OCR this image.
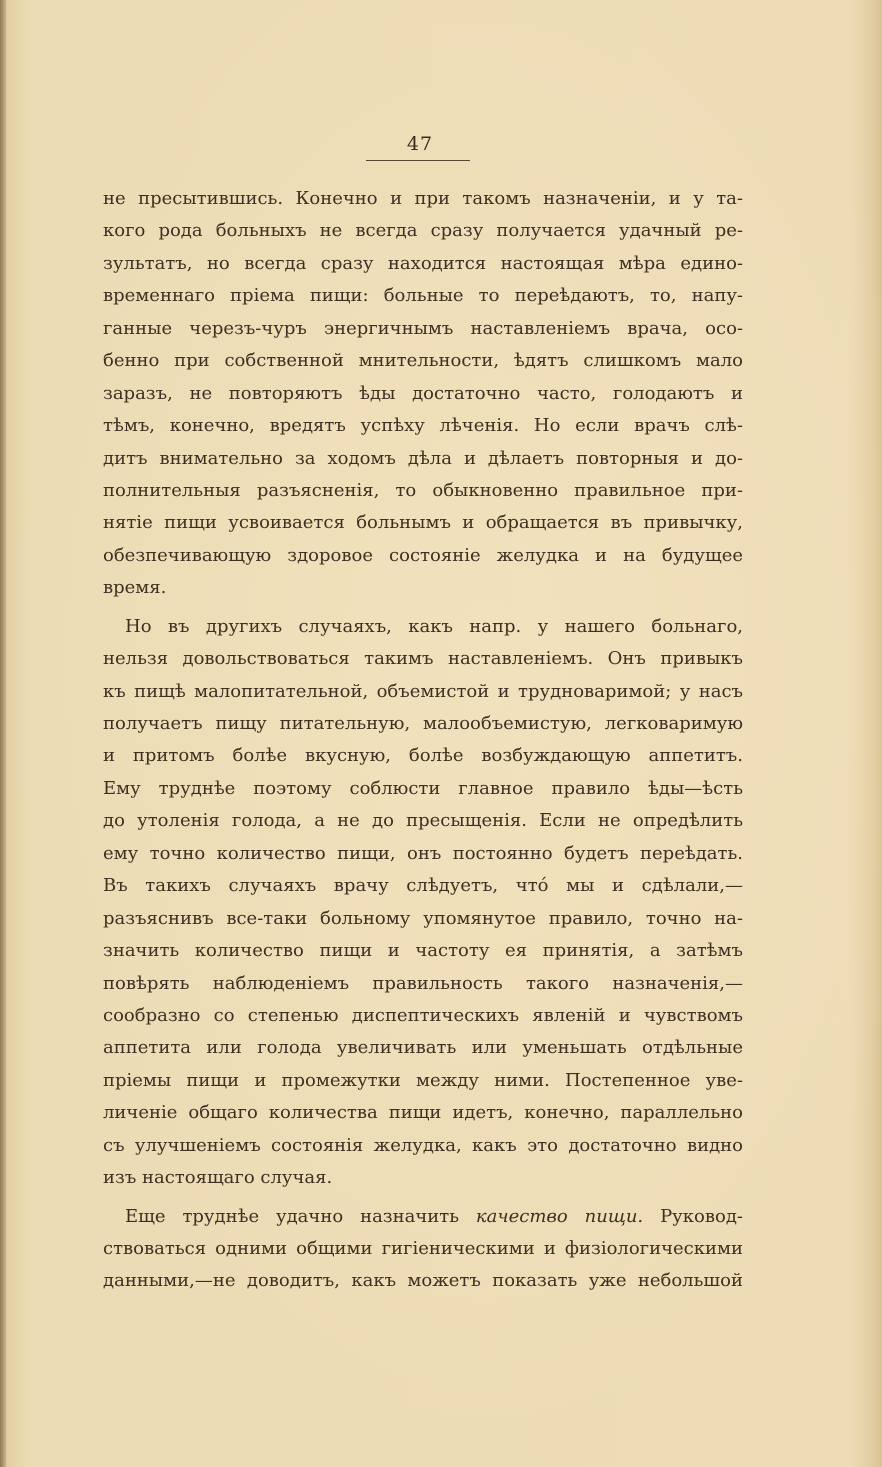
47
не пресытившись. Конечно и при такомъ назначеніи, и у та-
кого рода больныхъ не всегда сразу получается удачный ре-
зультатъ, но всегда сразу находится настоящая мѣра едино-
временнаго пріема пищи: больные то переѣдаютъ, то, напу-
ганные черезъ-чуръ энергичнымъ наставленіемъ врача, осо-
бенно при собственной мнительности, ѣдятъ слишкомъ мало
заразъ, не повторяютъ ѣды достаточно часто, голодаютъ и
тѣмъ, конечно, вредятъ успѣху лѣченія. Но если врачъ слѣ-
дитъ внимательно за ходомъ дѣла и дѣлаетъ повторныя и до-
полнительныя разъясненія, то обыкновенно правильное при-
нятіе пищи усвоивается больнымъ и обращается въ привычку,
обезпечивающую здоровое состояніе желудка и на будущее
время.
Но въ другихъ случаяхъ, какъ напр. у нашего больнаго,
нельзя довольствоваться такимъ наставленіемъ. Онъ привыкъ
къ пищѣ малопитательной, объемистой и трудноваримой; у насъ
получаетъ пищу питательную, малообъемистую, легковаримую
и притомъ болѣе вкусную, болѣе возбуждающую аппетитъ.
Ему труднѣе поэтому соблюсти главное правило ѣды—ѣсть
до утоленія голода, а не до пресыщенія. Если не опредѣлить
ему точно количество пищи, онъ постоянно будетъ переѣдать.
Въ такихъ случаяхъ врачу слѣдуетъ, что́ мы и сдѣлали,—
разъяснивъ все-таки больному упомянутое правило, точно на-
значить количество пищи и частоту ея принятія, а затѣмъ
повѣрять наблюденіемъ правильность такого назначенія,—
сообразно со степенью диспептическихъ явленій и чувствомъ
аппетита или голода увеличивать или уменьшать отдѣльные
пріемы пищи и промежутки между ними. Постепенное уве-
личеніе общаго количества пищи идетъ, конечно, параллельно
съ улучшеніемъ состоянія желудка, какъ это достаточно видно
изъ настоящаго случая.
Еще труднѣе удачно назначить качество пищи. Руковод-
ствоваться одними общими гигіеническими и физіологическими
данными,—не доводитъ, какъ можетъ показать уже небольшой
